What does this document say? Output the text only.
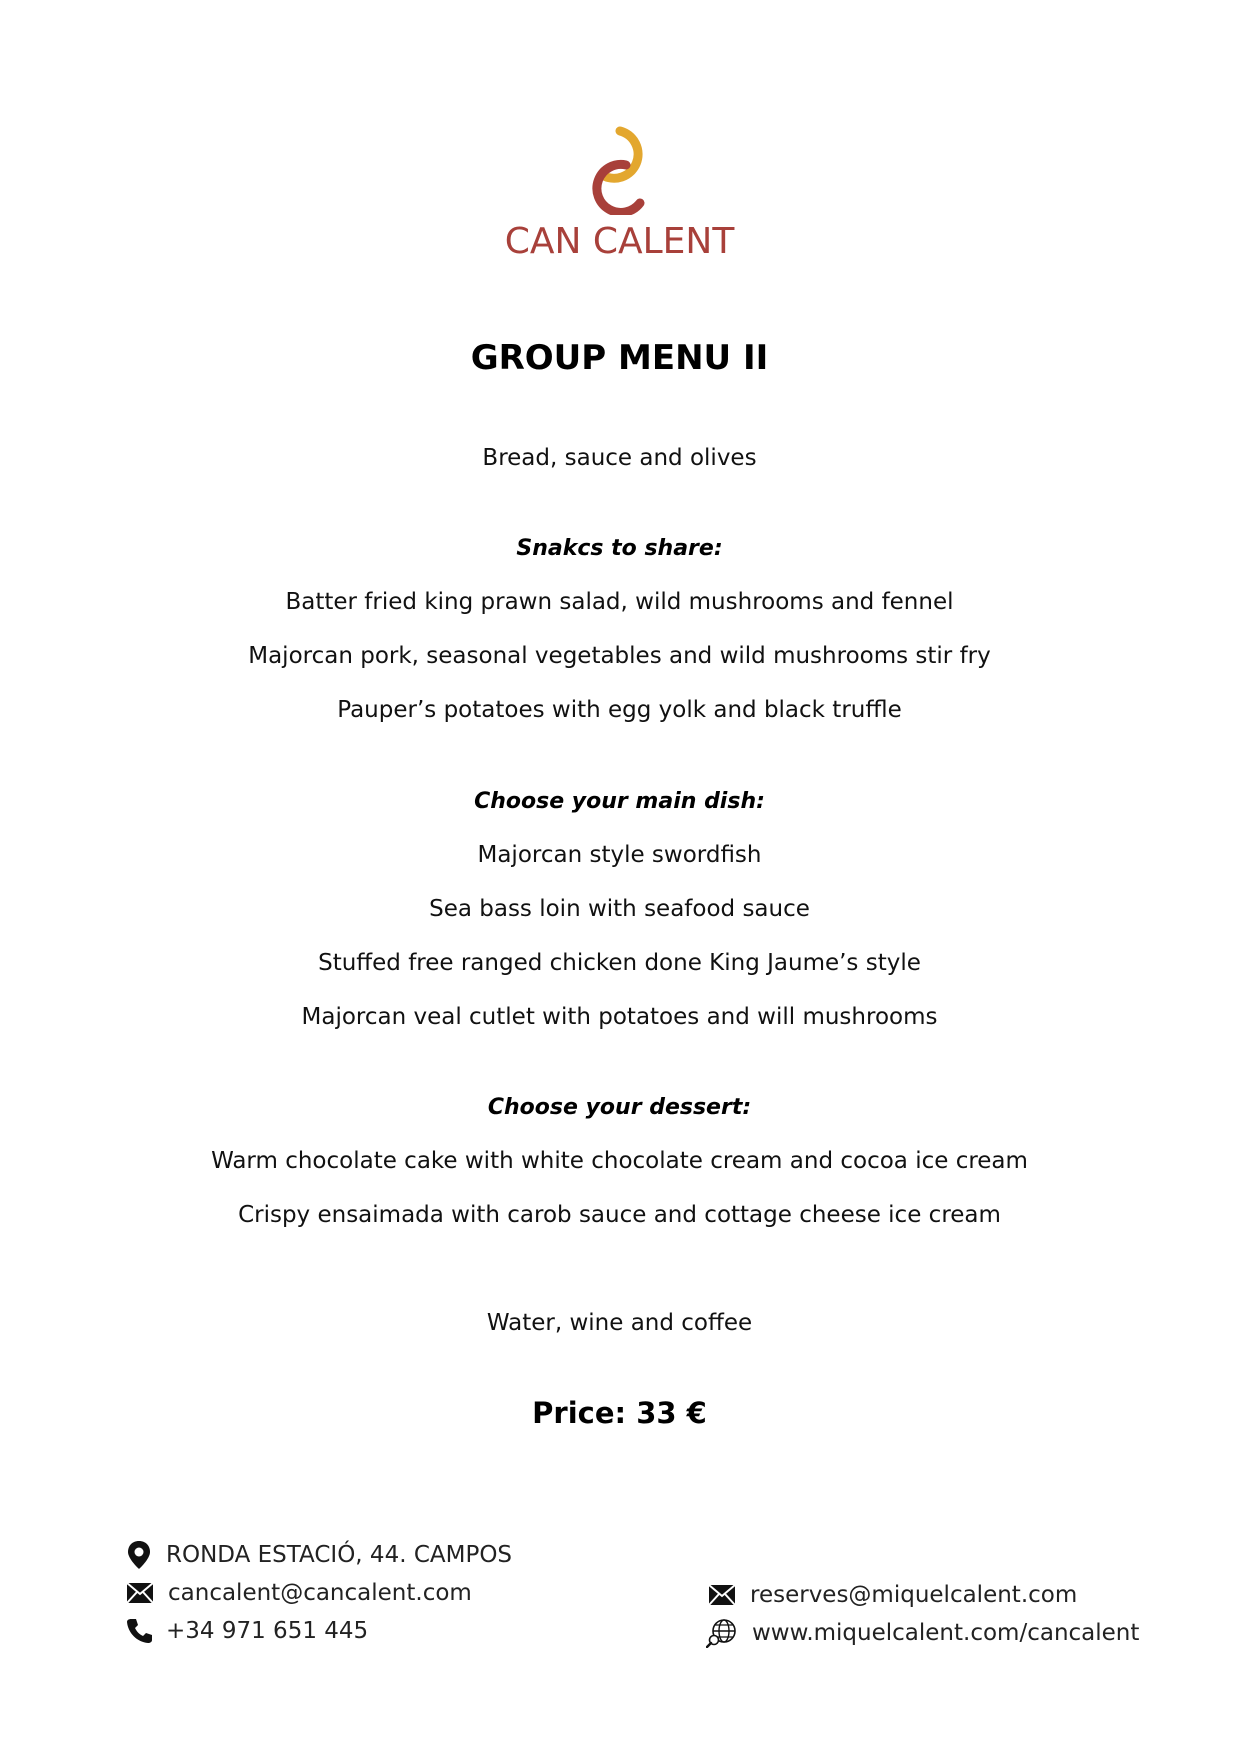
CAN CALENT
GROUP MENU II
Bread, sauce and olives
Snakcs to share:
Batter fried king prawn salad, wild mushrooms and fennel
Majorcan pork, seasonal vegetables and wild mushrooms stir fry
Pauper’s potatoes with egg yolk and black truffle
Choose your main dish:
Majorcan style swordfish
Sea bass loin with seafood sauce
Stuffed free ranged chicken done King Jaume’s style
Majorcan veal cutlet with potatoes and will mushrooms
Choose your dessert:
Warm chocolate cake with white chocolate cream and cocoa ice cream
Crispy ensaimada with carob sauce and cottage cheese ice cream
Water, wine and coffee
Price: 33 €
RONDA ESTACIÓ, 44. CAMPOS
cancalent@cancalent.com
+34 971 651 445
reserves@miquelcalent.com
www.miquelcalent.com/cancalent
